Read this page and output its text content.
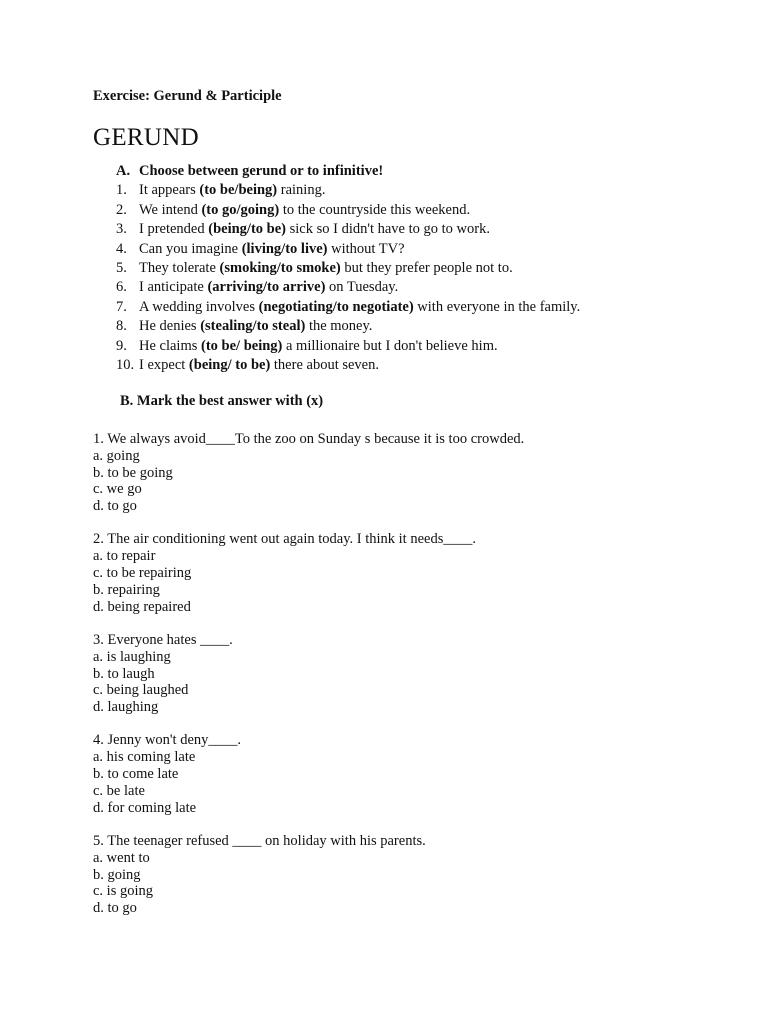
Exercise: Gerund & Participle
GERUND
A. Choose between gerund or to infinitive!
1. It appears (to be/being) raining.
2. We intend (to go/going) to the countryside this weekend.
3. I pretended (being/to be) sick so I didn't have to go to work.
4. Can you imagine (living/to live) without TV?
5. They tolerate (smoking/to smoke) but they prefer people not to.
6. I anticipate (arriving/to arrive) on Tuesday.
7. A wedding involves (negotiating/to negotiate) with everyone in the family.
8. He denies (stealing/to steal) the money.
9. He claims (to be/ being) a millionaire but I don't believe him.
10. I expect (being/ to be) there about seven.
B. Mark the best answer with (x)
1. We always avoid____To the zoo on Sunday s because it is too crowded.
a. going
b. to be going
c. we go
d. to go
2. The air conditioning went out again today. I think it needs____.
a. to repair
c. to be repairing
b. repairing
d. being repaired
3. Everyone hates ____.
a. is laughing
b. to laugh
c. being laughed
d. laughing
4. Jenny won't deny____.
a. his coming late
b. to come late
c. be late
d. for coming late
5. The teenager refused ____ on holiday with his parents.
a. went to
b. going
c. is going
d. to go
